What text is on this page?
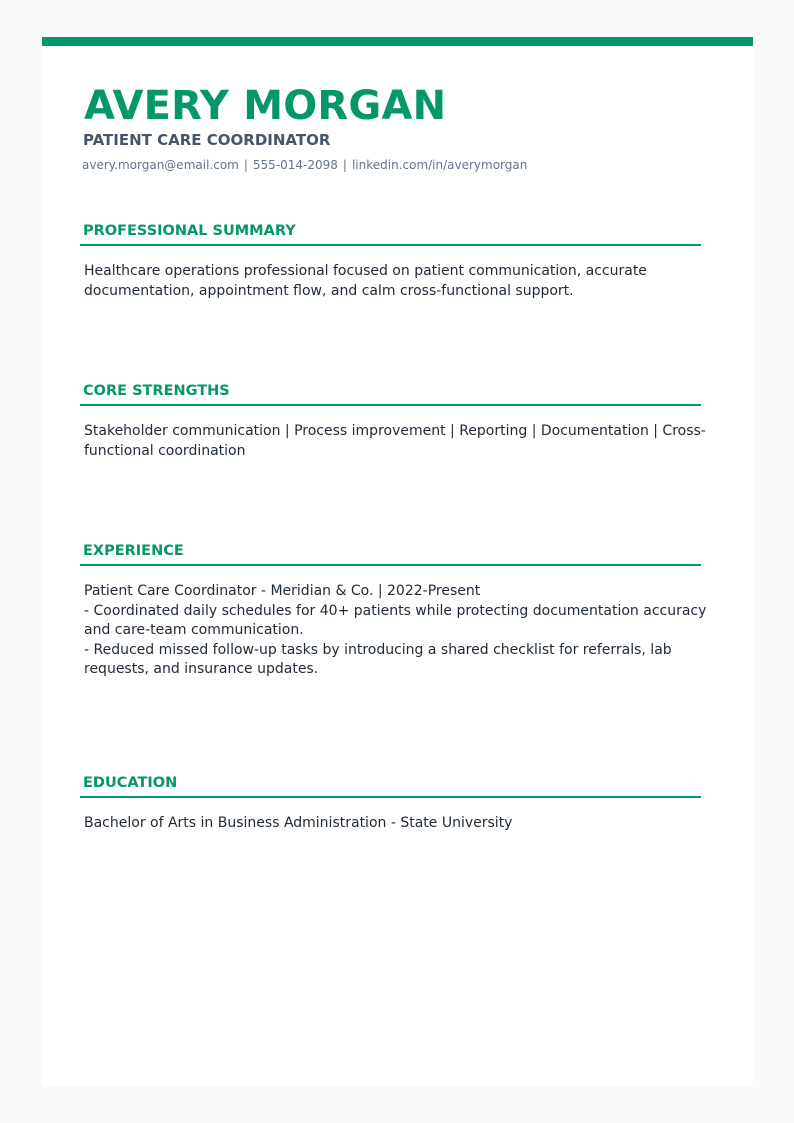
AVERY MORGAN
PATIENT CARE COORDINATOR
avery.morgan@email.com | 555-014-2098 | linkedin.com/in/averymorgan
PROFESSIONAL SUMMARY
Healthcare operations professional focused on patient communication, accurate documentation, appointment flow, and calm cross-functional support.
CORE STRENGTHS
Stakeholder communication | Process improvement | Reporting | Documentation | Cross-functional coordination
EXPERIENCE
Patient Care Coordinator - Meridian & Co. | 2022-Present
- Coordinated daily schedules for 40+ patients while protecting documentation accuracy and care-team communication.
- Reduced missed follow-up tasks by introducing a shared checklist for referrals, lab requests, and insurance updates.
EDUCATION
Bachelor of Arts in Business Administration - State University
